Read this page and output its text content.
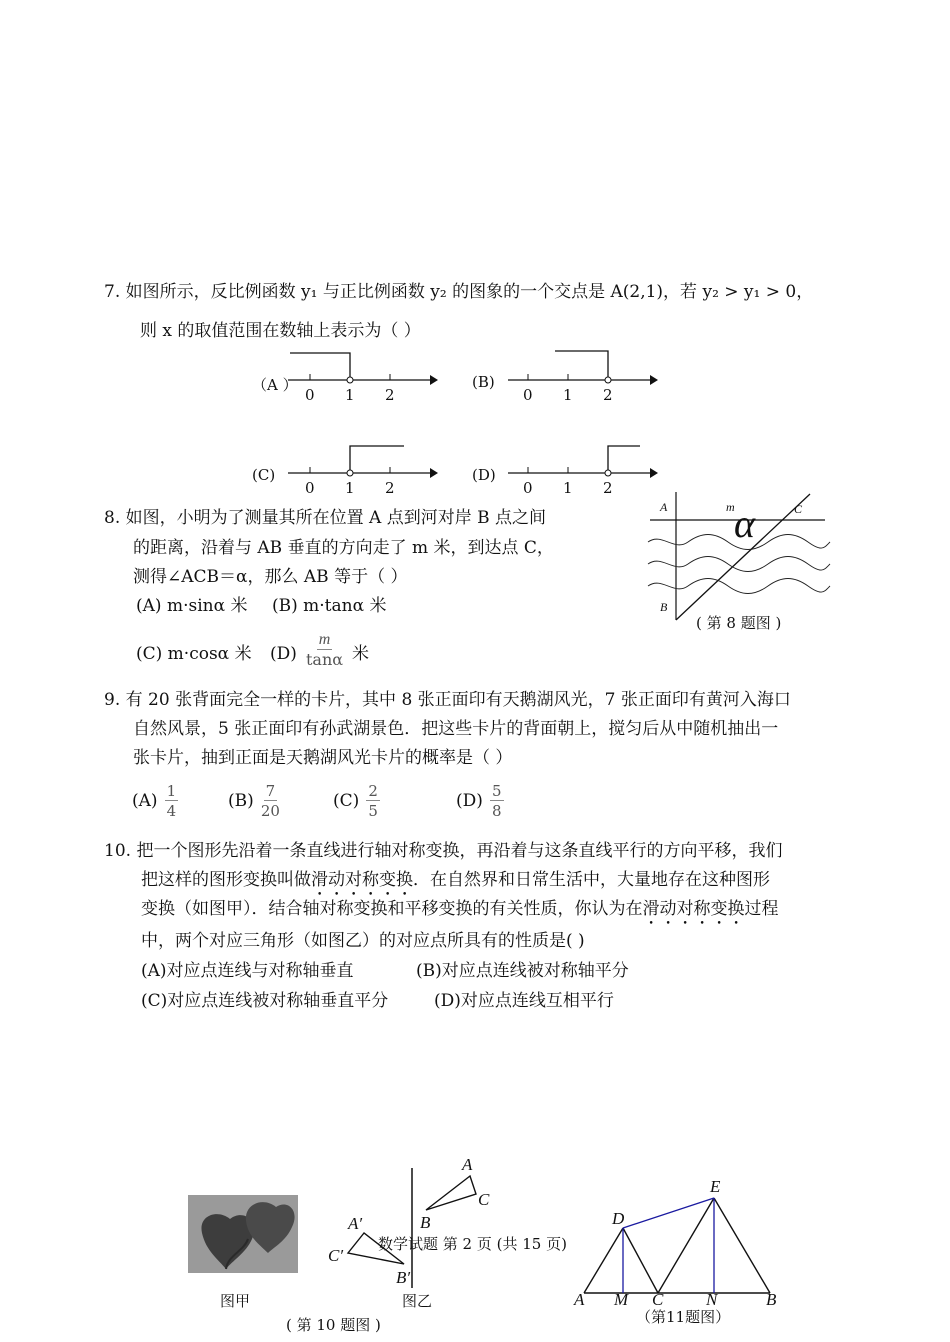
7. 如图所示，反比例函数 y₁ 与正比例函数 y₂ 的图象的一个交点是 A(2,1)，若 y₂ > y₁ > 0，
则 x 的取值范围在数轴上表示为（ ）
（A ）	(B)
(C)	(D)
0 1 2	0 1 2
0 1 2	0 1 2
8. 如图，小明为了测量其所在位置 A 点到河对岸 B 点之间
的距离，沿着与 AB 垂直的方向走了 m 米，到达点 C，
测得∠ACB＝α，那么 AB 等于（ ）
(A) m·sinα 米 (B) m·tanα 米
(C) m·cosα 米 $(D) \frac{m}{\tan\alpha}$ 米
A	m	C
α
B
( 第 8 题图 )
9. 有 20 张背面完全一样的卡片，其中 8 张正面印有天鹅湖风光，7 张正面印有黄河入海口
自然风景，5 张正面印有孙武湖景色．把这些卡片的背面朝上，搅匀后从中随机抽出一
张卡片，抽到正面是天鹅湖风光卡片的概率是（ ）
$(A) \frac{1}{4}$	$(B) \frac{7}{20}$	$(C) \frac{2}{5}$	$(D) \frac{5}{8}$
10. 把一个图形先沿着一条直线进行轴对称变换，再沿着与这条直线平行的方向平移，我们
把这样的图形变换叫做滑动对称变换．在自然界和日常生活中，大量地存在这种图形
变换（如图甲）．结合轴对称变换和平移变换的有关性质，你认为在滑动对称变换过程
中，两个对应三角形（如图乙）的对应点所具有的性质是( )
(A)对应点连线与对称轴垂直	(B)对应点连线被对称轴平分
(C)对应点连线被对称轴垂直平分	(D)对应点连线互相平行
图甲
A
C
B
A′
C′
B′
图乙
( 第 10 题图 )
数学试题 第 2 页 (共 15 页)
E
D
A M C	N	B
（第11题图）
